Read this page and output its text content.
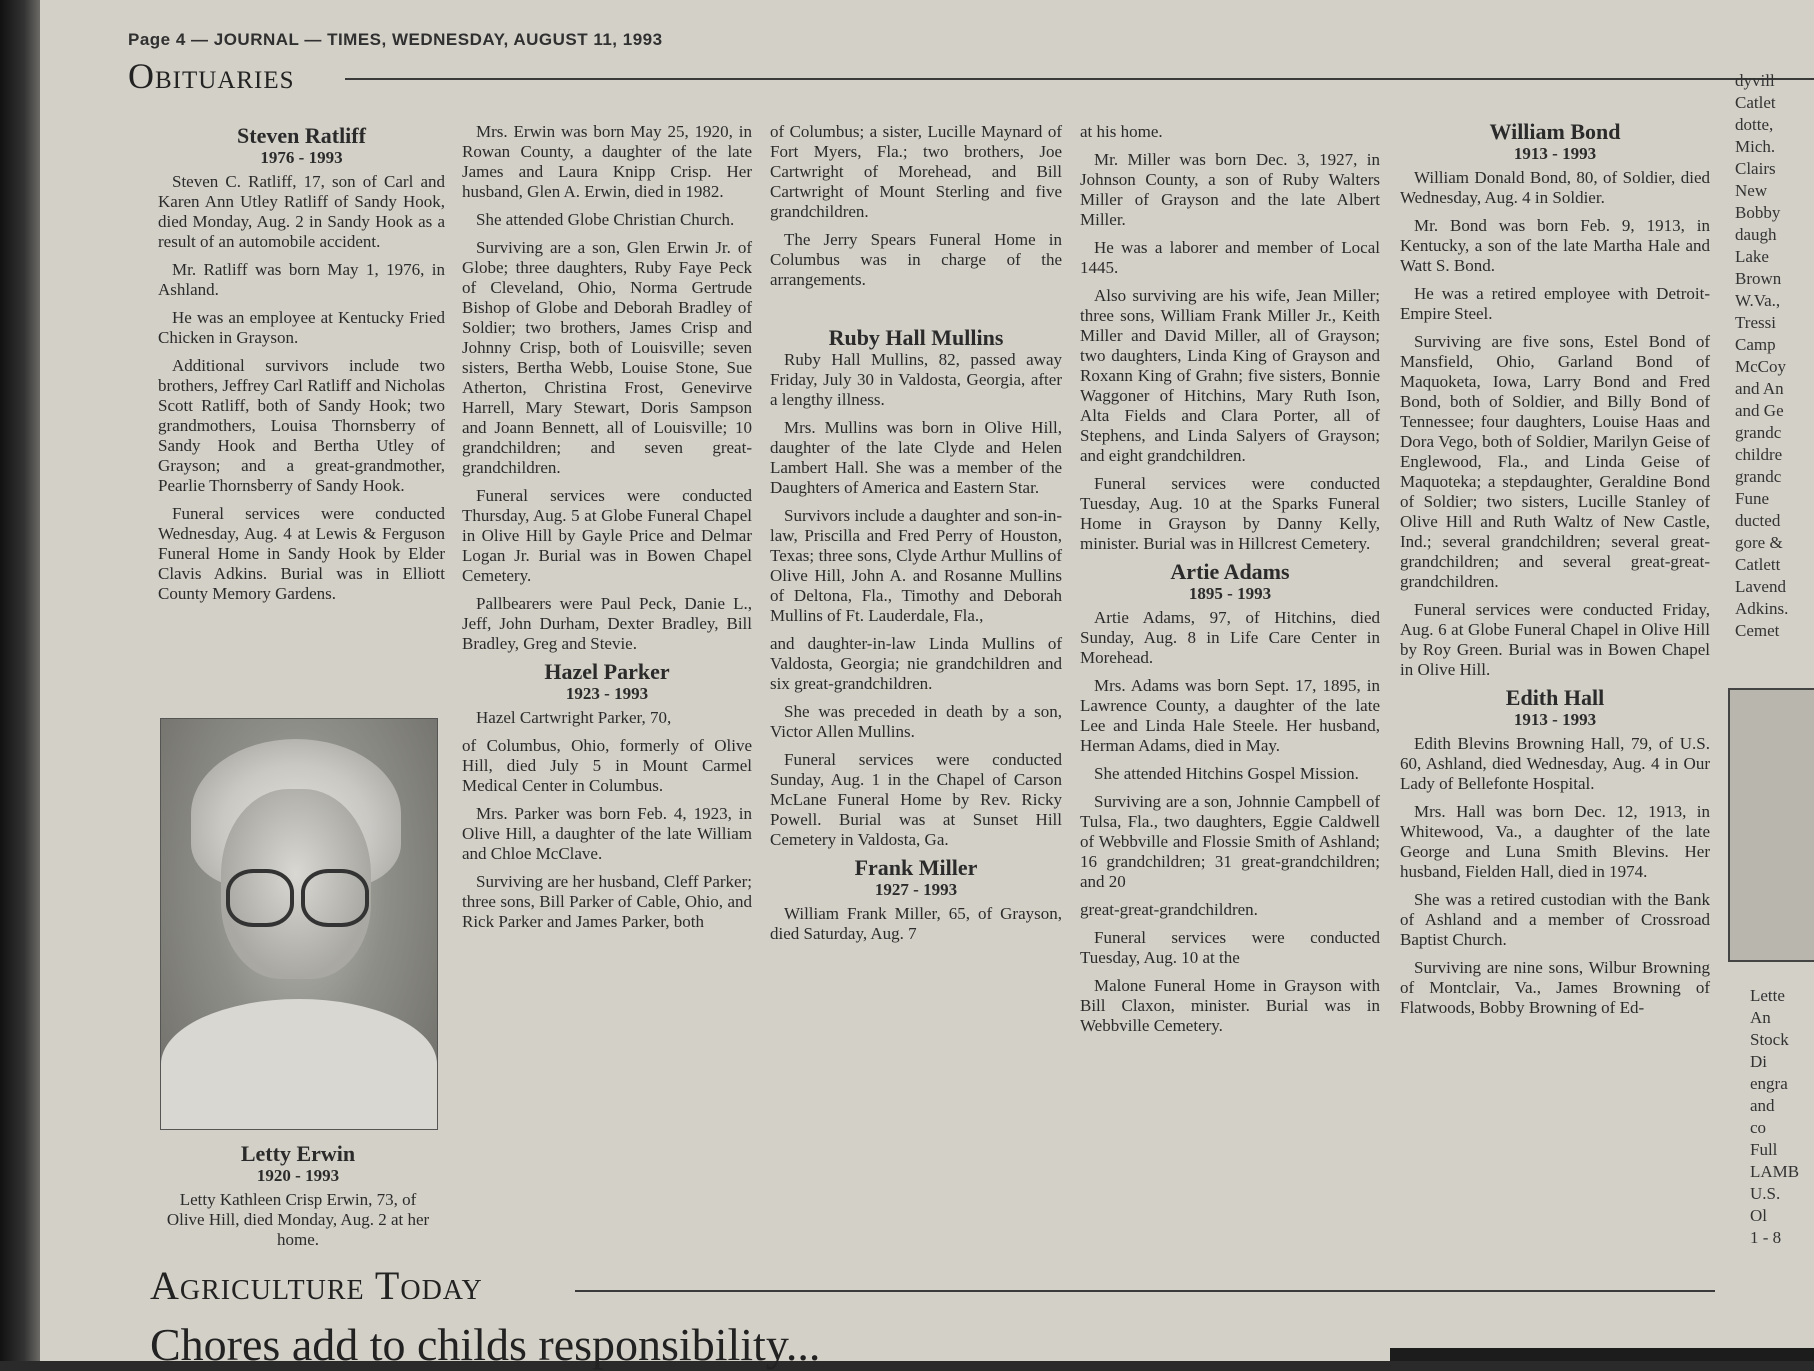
Page 4 — JOURNAL — TIMES, WEDNESDAY, AUGUST 11, 1993
Obituaries
Steven Ratliff
1976 - 1993

Steven C. Ratliff, 17, son of Carl and Karen Ann Utley Ratliff of Sandy Hook, died Monday, Aug. 2 in Sandy Hook as a result of an automobile accident.

Mr. Ratliff was born May 1, 1976, in Ashland.

He was an employee at Kentucky Fried Chicken in Grayson.

Additional survivors include two brothers, Jeffrey Carl Ratliff and Nicholas Scott Ratliff, both of Sandy Hook; two grandmothers, Louisa Thornsberry of Sandy Hook and Bertha Utley of Grayson; and a great-grandmother, Pearlie Thornsberry of Sandy Hook.

Funeral services were conducted Wednesday, Aug. 4 at Lewis & Ferguson Funeral Home in Sandy Hook by Elder Clavis Adkins. Burial was in Elliott County Memory Gardens.

Letty Erwin
1920 - 1993

Letty Kathleen Crisp Erwin, 73, of Olive Hill, died Monday, Aug. 2 at her home.

Mrs. Erwin was born May 25, 1920, in Rowan County, a daughter of the late James and Laura Knipp Crisp. Her husband, Glen A. Erwin, died in 1982.

She attended Globe Christian Church.

Surviving are a son, Glen Erwin Jr. of Globe; three daughters, Ruby Faye Peck of Cleveland, Ohio, Norma Gertrude Bishop of Globe and Deborah Bradley of Soldier; two brothers, James Crisp and Johnny Crisp, both of Louisville; seven sisters, Bertha Webb, Louise Stone, Sue Atherton, Christina Frost, Genevirve Harrell, Mary Stewart, Doris Sampson and Joann Bennett, all of Louisville; 10 grandchildren; and seven great-grandchildren.

Funeral services were conducted Thursday, Aug. 5 at Globe Funeral Chapel in Olive Hill by Gayle Price and Delmar Logan Jr. Burial was in Bowen Chapel Cemetery.

Pallbearers were Paul Peck, Danie L., Jeff, John Durham, Dexter Bradley, Bill Bradley, Greg and Stevie.

Hazel Parker
1923 - 1993

Hazel Cartwright Parker, 70,

of Columbus, Ohio, formerly of Olive Hill, died July 5 in Mount Carmel Medical Center in Columbus.

Mrs. Parker was born Feb. 4, 1923, in Olive Hill, a daughter of the late William and Chloe McClave.

Surviving are her husband, Cleff Parker; three sons, Bill Parker of Cable, Ohio, and Rick Parker and James Parker, both

of Columbus; a sister, Lucille Maynard of Fort Myers, Fla.; two brothers, Joe Cartwright of Morehead, and Bill Cartwright of Mount Sterling and five grandchildren.

The Jerry Spears Funeral Home in Columbus was in charge of the arrangements.

Ruby Hall Mullins

Ruby Hall Mullins, 82, passed away Friday, July 30 in Valdosta, Georgia, after a lengthy illness.

Mrs. Mullins was born in Olive Hill, daughter of the late Clyde and Helen Lambert Hall. She was a member of the Daughters of America and Eastern Star.

Survivors include a daughter and son-in-law, Priscilla and Fred Perry of Houston, Texas; three sons, Clyde Arthur Mullins of Olive Hill, John A. and Rosanne Mullins of Deltona, Fla., Timothy and Deborah Mullins of Ft. Lauderdale, Fla.,

and daughter-in-law Linda Mullins of Valdosta, Georgia; nie grandchildren and six great-grandchildren.

She was preceded in death by a son, Victor Allen Mullins.

Funeral services were conducted Sunday, Aug. 1 in the Chapel of Carson McLane Funeral Home by Rev. Ricky Powell. Burial was at Sunset Hill Cemetery in Valdosta, Ga.

Frank Miller
1927 - 1993

William Frank Miller, 65, of Grayson, died Saturday, Aug. 7

at his home.

Mr. Miller was born Dec. 3, 1927, in Johnson County, a son of Ruby Walters Miller of Grayson and the late Albert Miller.

He was a laborer and member of Local 1445.

Also surviving are his wife, Jean Miller; three sons, William Frank Miller Jr., Keith Miller and David Miller, all of Grayson; two daughters, Linda King of Grayson and Roxann King of Grahn; five sisters, Bonnie Waggoner of Hitchins, Mary Ruth Ison, Alta Fields and Clara Porter, all of Stephens, and Linda Salyers of Grayson; and eight grandchildren.

Funeral services were conducted Tuesday, Aug. 10 at the Sparks Funeral Home in Grayson by Danny Kelly, minister. Burial was in Hillcrest Cemetery.

Artie Adams
1895 - 1993

Artie Adams, 97, of Hitchins, died Sunday, Aug. 8 in Life Care Center in Morehead.

Mrs. Adams was born Sept. 17, 1895, in Lawrence County, a daughter of the late Lee and Linda Hale Steele. Her husband, Herman Adams, died in May.

She attended Hitchins Gospel Mission.

Surviving are a son, Johnnie Campbell of Tulsa, Fla., two daughters, Eggie Caldwell of Webbville and Flossie Smith of Ashland; 16 grandchildren; 31 great-grandchildren; and 20

great-great-grandchildren.

Funeral services were conducted Tuesday, Aug. 10 at the

Malone Funeral Home in Grayson with Bill Claxon, minister. Burial was in Webbville Cemetery.

William Bond
1913 - 1993

William Donald Bond, 80, of Soldier, died Wednesday, Aug. 4 in Soldier.

Mr. Bond was born Feb. 9, 1913, in Kentucky, a son of the late Martha Hale and Watt S. Bond.

He was a retired employee with Detroit-Empire Steel.

Surviving are five sons, Estel Bond of Mansfield, Ohio, Garland Bond of Maquoketa, Iowa, Larry Bond and Fred Bond, both of Soldier, and Billy Bond of Tennessee; four daughters, Louise Haas and Dora Vego, both of Soldier, Marilyn Geise of Englewood, Fla., and Linda Geise of Maquoteka; a stepdaughter, Geraldine Bond of Soldier; two sisters, Lucille Stanley of Olive Hill and Ruth Waltz of New Castle, Ind.; several grandchildren; several great-grandchildren; and several great-great-grandchildren.

Funeral services were conducted Friday, Aug. 6 at Globe Funeral Chapel in Olive Hill by Roy Green. Burial was in Bowen Chapel in Olive Hill.

Edith Hall
1913 - 1993

Edith Blevins Browning Hall, 79, of U.S. 60, Ashland, died Wednesday, Aug. 4 in Our Lady of Bellefonte Hospital.

Mrs. Hall was born Dec. 12, 1913, in Whitewood, Va., a daughter of the late George and Luna Smith Blevins. Her husband, Fielden Hall, died in 1974.

She was a retired custodian with the Bank of Ashland and a member of Crossroad Baptist Church.

Surviving are nine sons, Wilbur Browning of Montclair, Va., James Browning of Flatwoods, Bobby Browning of Ed-

dyvill
Catlet
dotte,
Mich.
Clairs
New
Bobby
daugh
Lake
Brown
W.Va.,
Tressi
Camp
McCoy
and An
and Ge
grandc
childre
grandc
Fune
ducted
gore &
Catlett
Lavend
Adkins.
Cemet
Lette
An
Stock
Di
engra
and
co
Full
LAMB
U.S.
Ol
1 - 8
Agriculture Today
Chores add to childs responsibility...
